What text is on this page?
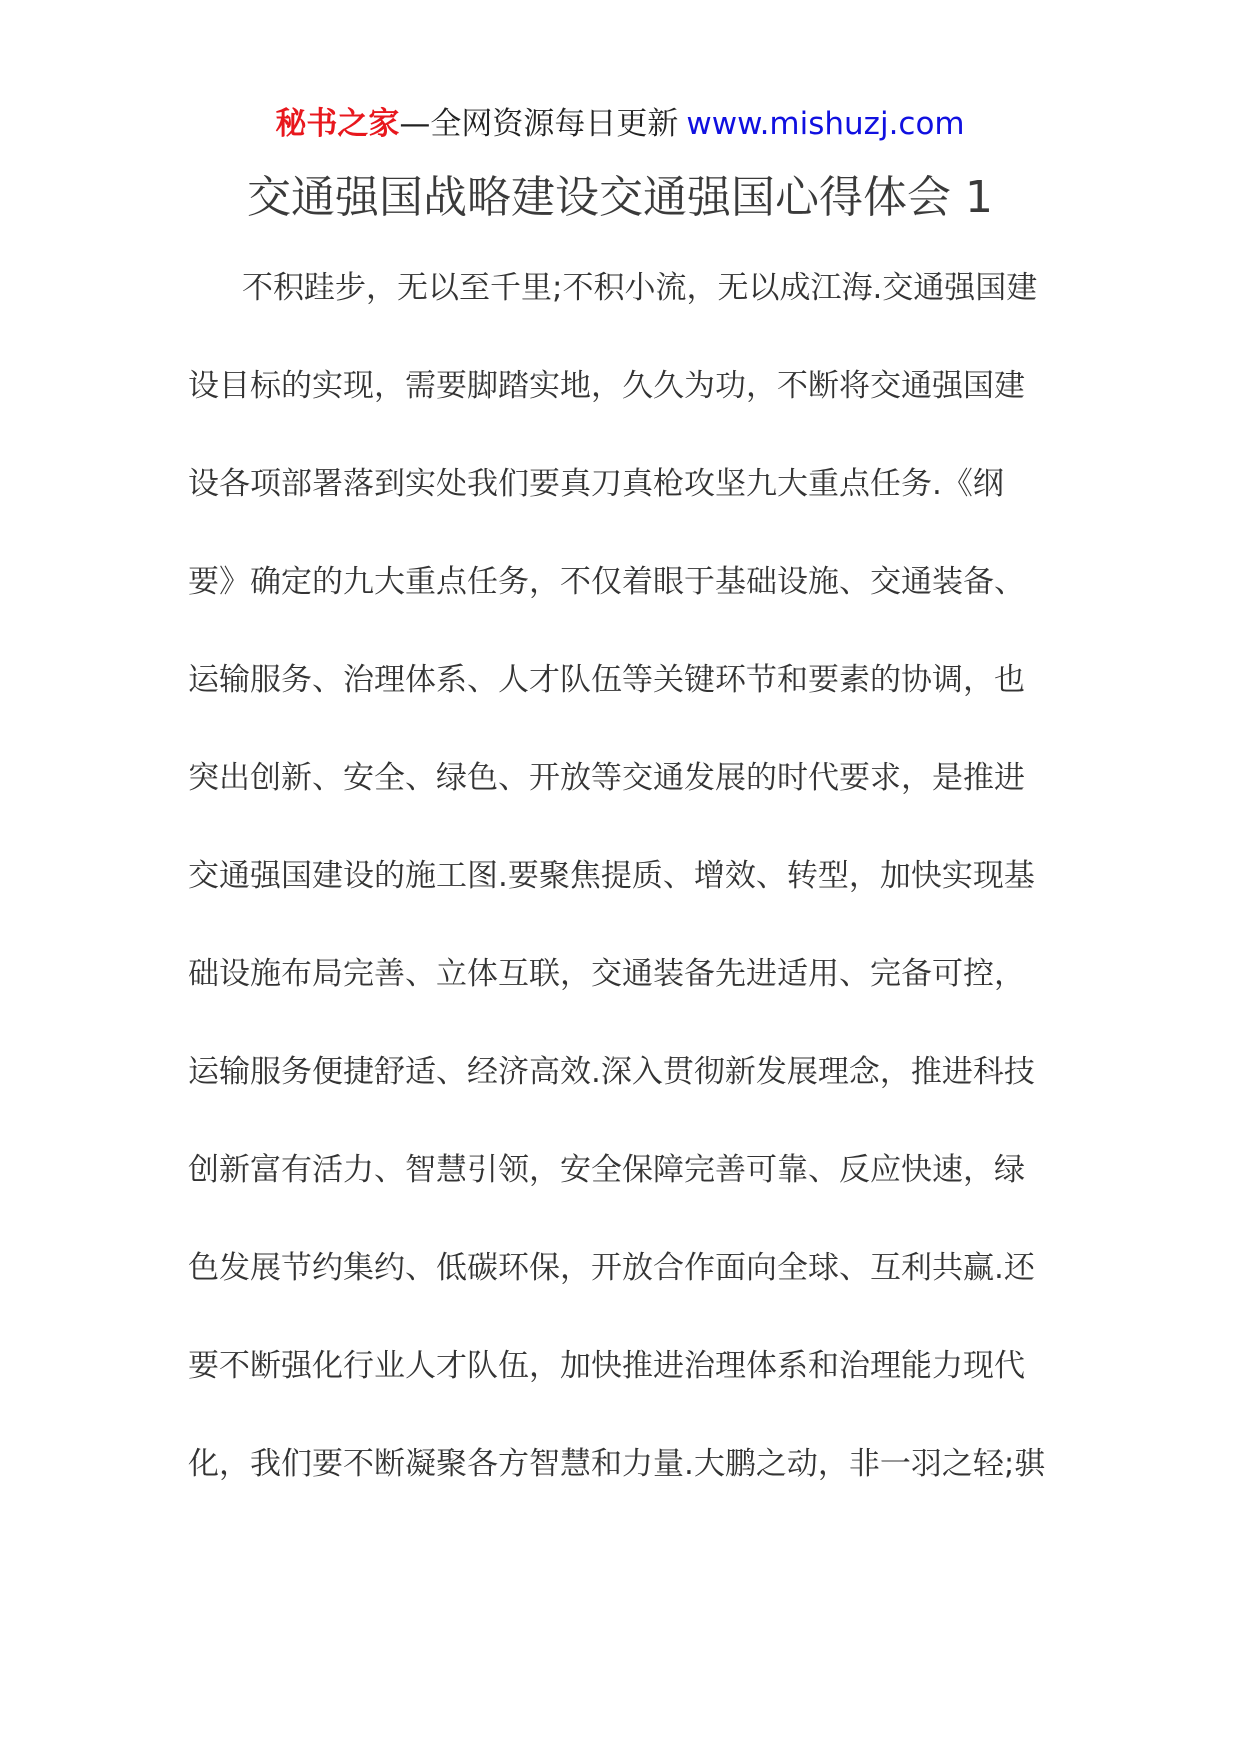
秘书之家—全网资源每日更新 www.mishuzj.com
交通强国战略建设交通强国心得体会 1
不积跬步，无以至千里;不积小流，无以成江海.交通强国建
设目标的实现，需要脚踏实地，久久为功，不断将交通强国建
设各项部署落到实处我们要真刀真枪攻坚九大重点任务.《纲
要》确定的九大重点任务，不仅着眼于基础设施、交通装备、
运输服务、治理体系、人才队伍等关键环节和要素的协调，也
突出创新、安全、绿色、开放等交通发展的时代要求，是推进
交通强国建设的施工图.要聚焦提质、增效、转型，加快实现基
础设施布局完善、立体互联，交通装备先进适用、完备可控，
运输服务便捷舒适、经济高效.深入贯彻新发展理念，推进科技
创新富有活力、智慧引领，安全保障完善可靠、反应快速，绿
色发展节约集约、低碳环保，开放合作面向全球、互利共赢.还
要不断强化行业人才队伍，加快推进治理体系和治理能力现代
化，我们要不断凝聚各方智慧和力量.大鹏之动，非一羽之轻;骐
